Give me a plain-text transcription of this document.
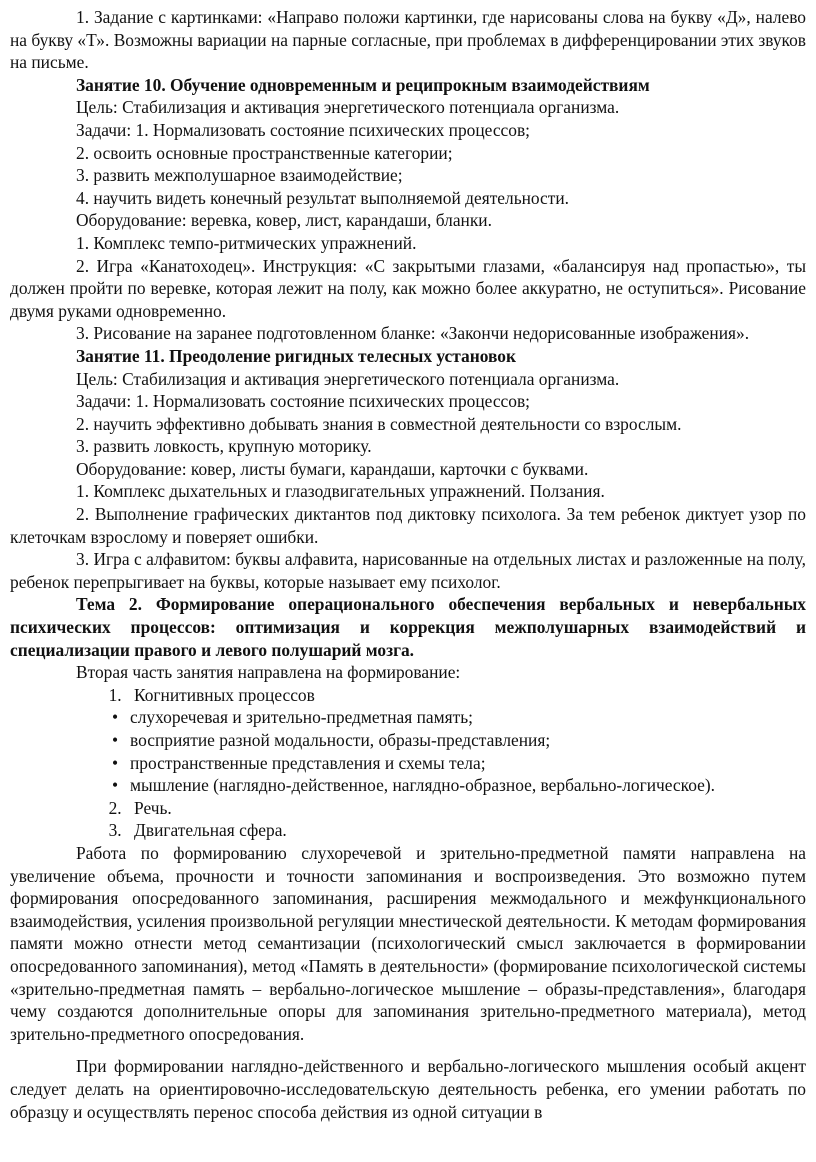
1. Задание с картинками: «Направо положи картинки, где нарисованы слова на букву «Д», налево на букву «Т». Возможны вариации на парные согласные, при проблемах в дифференцировании этих звуков на письме.

Занятие 10. Обучение одновременным и реципрокным взаимодействиям

Цель: Стабилизация и активация энергетического потенциала организма.

Задачи: 1. Нормализовать состояние психических процессов;

2. освоить основные пространственные категории;

3. развить межполушарное взаимодействие;

4. научить видеть конечный результат выполняемой деятельности.

Оборудование: веревка, ковер, лист, карандаши, бланки.

1. Комплекс темпо-ритмических упражнений.

2. Игра «Канатоходец». Инструкция: «С закрытыми глазами, «балансируя над пропастью», ты должен пройти по веревке, которая лежит на полу, как можно более аккуратно, не оступиться». Рисование двумя руками одновременно.

3. Рисование на заранее подготовленном бланке: «Закончи недорисованные изображения».

Занятие 11. Преодоление ригидных телесных установок

Цель: Стабилизация и активация энергетического потенциала организма.

Задачи: 1. Нормализовать состояние психических процессов;

2. научить эффективно добывать знания в совместной деятельности со взрослым.

3. развить ловкость, крупную моторику.

Оборудование: ковер, листы бумаги, карандаши, карточки с буквами.

1. Комплекс дыхательных и глазодвигательных упражнений. Ползания.

2. Выполнение графических диктантов под диктовку психолога. За тем ребенок диктует узор по клеточкам взрослому и поверяет ошибки.

3. Игра с алфавитом: буквы алфавита, нарисованные на отдельных листах и разложенные на полу, ребенок перепрыгивает на буквы, которые называет ему психолог.

Тема 2. Формирование операционального обеспечения вербальных и невербальных психических процессов: оптимизация и коррекция межполушарных взаимодействий и специализации правого и левого полушарий мозга.

Вторая часть занятия направлена на формирование:

1. Когнитивных процессов
• слухоречевая и зрительно-предметная память;
• восприятие разной модальности, образы-представления;
• пространственные представления и схемы тела;
• мышление (наглядно-действенное, наглядно-образное, вербально-логическое).
2. Речь.
3. Двигательная сфера.

Работа по формированию слухоречевой и зрительно-предметной памяти направлена на увеличение объема, прочности и точности запоминания и воспроизведения. Это возможно путем формирования опосредованного запоминания, расширения межмодального и межфункционального взаимодействия, усиления произвольной регуляции мнестической деятельности. К методам формирования памяти можно отнести метод семантизации (психологический смысл заключается в формировании опосредованного запоминания), метод «Память в деятельности» (формирование психологической системы «зрительно-предметная память – вербально-логическое мышление – образы-представления», благодаря чему создаются дополнительные опоры для запоминания зрительно-предметного материала), метод зрительно-предметного опосредования.

При формировании наглядно-действенного и вербально-логического мышления особый акцент следует делать на ориентировочно-исследовательскую деятельность ребенка, его умении работать по образцу и осуществлять перенос способа действия из одной ситуации в
